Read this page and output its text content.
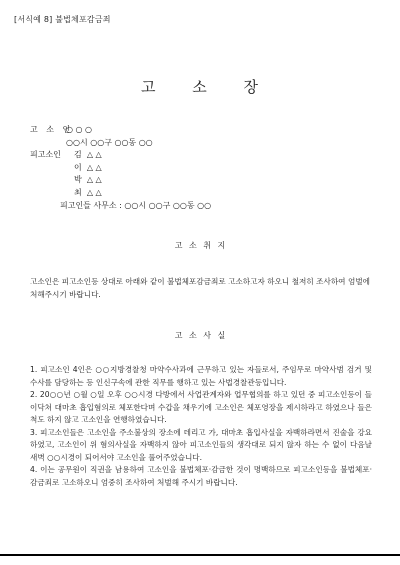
[서식예 8] 불법체포감금죄
고 소 장
고 소 인
○ ○ ○
○○시 ○○구 ○○동 ○○
피고소인	김 △ △
이 △ △
박 △ △
최 △ △
피고인들 사무소 : ○○시 ○○구 ○○동 ○○
고 소 취 지
고소인은 피고소인등 상대로 아래와 같이 불법체포감금죄로 고소하고자 하오니 철저히 조사하여 엄벌에 처해주시기 바랍니다.
고 소 사 실

1. 피고소인 4인은 ○○지방경찰청 마약수사과에 근무하고 있는 자들로서, 주임무로 마약사범 검거 및 수사를 담당하는 등 인신구속에 관한 직무를 행하고 있는 사법경찰관등입니다.

2. 20○○년 ○월 ○일 오후 ○○시경 다방에서 사업관계자와 업무협의를 하고 있던 중 피고소인등이 들이닥쳐 대마초 흡입혐의로 체포한다며 수갑을 채우기에 고소인은 체포영장을 제시하라고 하였으나 들은 척도 하지 않고 고소인을 연행하였습니다.

3. 피고소인들은 고소인을 주소불상의 장소에 데리고 가, 대마초 흡입사실을 자백하라면서 진술을 강요하였고, 고소인이 위 혐의사실을 자백하지 않아 피고소인들의 생각대로 되지 않자 하는 수 없이 다음날 새벽 ○○시경이 되어서야 고소인을 풀어주었습니다.

4. 이는 공무원이 직권을 남용하여 고소인을 불법체포·감금한 것이 명백하므로 피고소인등을 불법체포·감금죄로 고소하오니 엄중히 조사하여 처벌해 주시기 바랍니다.
